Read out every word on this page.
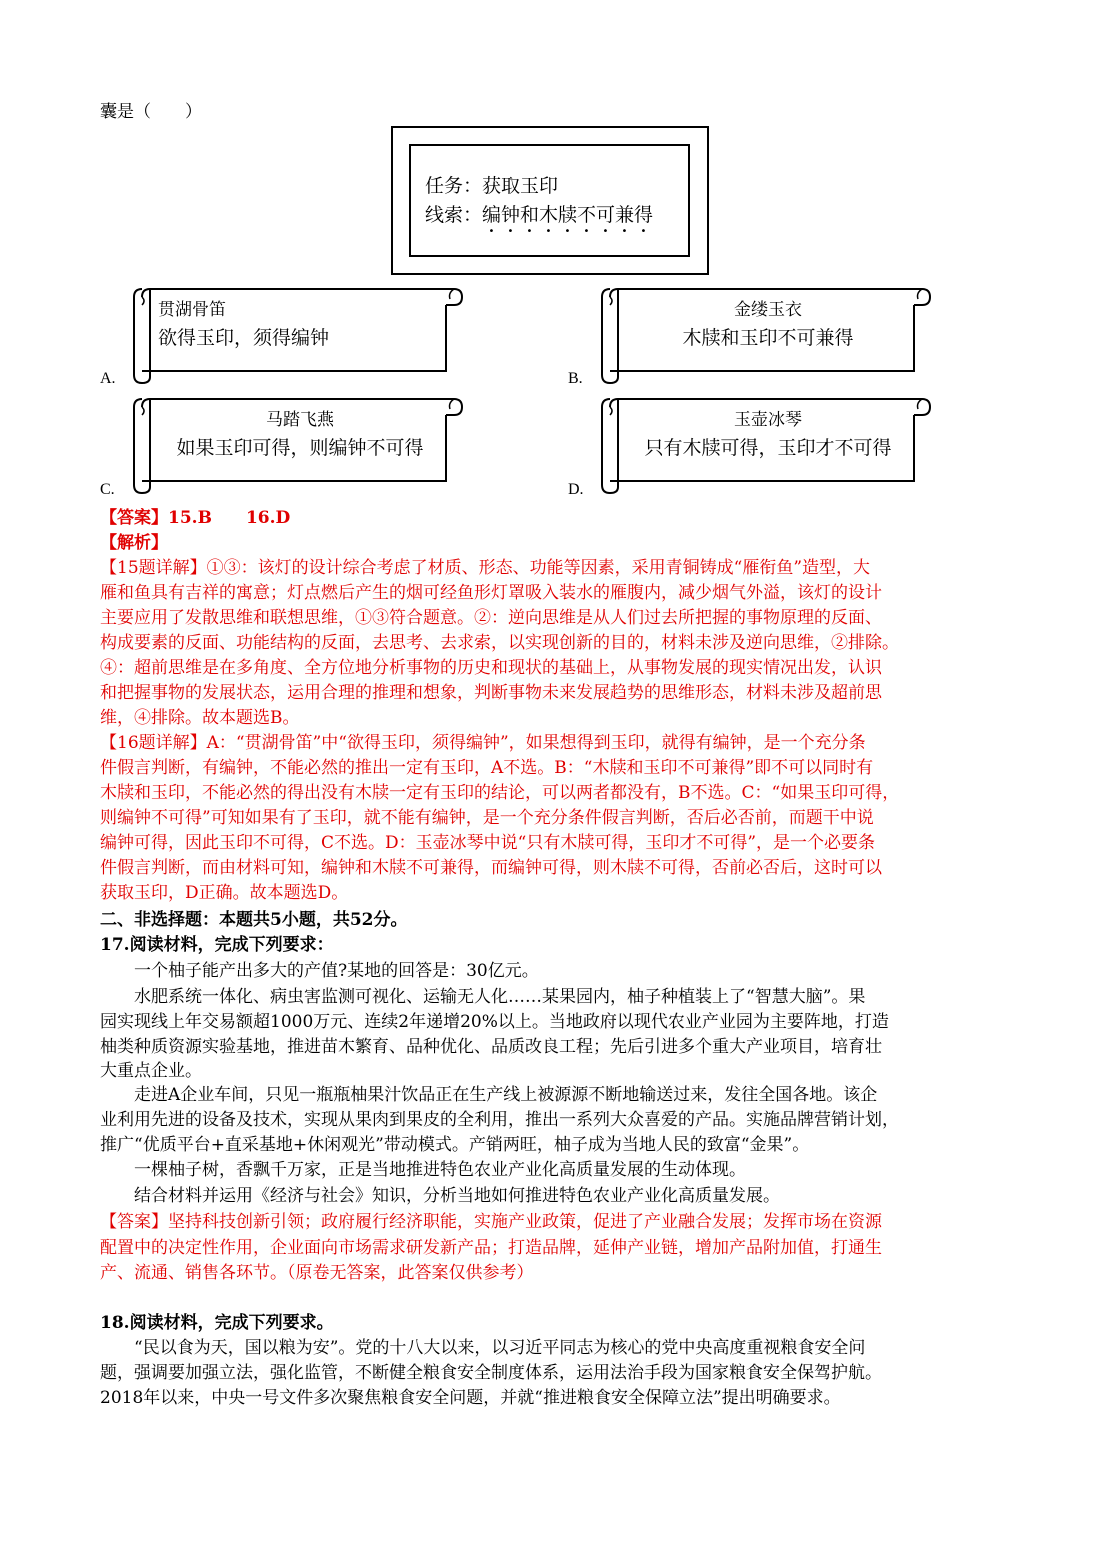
囊是（　　）
任务：获取玉印
线索：编钟和木牍不可兼得
贯湖骨笛
欲得玉印，须得编钟
A.
金缕玉衣
木牍和玉印不可兼得
B.
马踏飞燕
如果玉印可得，则编钟不可得
C.
玉壶冰琴
只有木牍可得，玉印才不可得
D.
【答案】15.B　　16.D
【解析】
【15题详解】①③：该灯的设计综合考虑了材质、形态、功能等因素，采用青铜铸成“雁衔鱼”造型，大
雁和鱼具有吉祥的寓意；灯点燃后产生的烟可经鱼形灯罩吸入装水的雁腹内，减少烟气外溢，该灯的设计
主要应用了发散思维和联想思维，①③符合题意。②：逆向思维是从人们过去所把握的事物原理的反面、
构成要素的反面、功能结构的反面，去思考、去求索，以实现创新的目的，材料未涉及逆向思维，②排除。
④：超前思维是在多角度、全方位地分析事物的历史和现状的基础上，从事物发展的现实情况出发，认识
和把握事物的发展状态，运用合理的推理和想象，判断事物未来发展趋势的思维形态，材料未涉及超前思
维，④排除。故本题选B。
【16题详解】A：“贯湖骨笛”中“欲得玉印，须得编钟”，如果想得到玉印，就得有编钟，是一个充分条
件假言判断，有编钟，不能必然的推出一定有玉印，A不选。B：“木牍和玉印不可兼得”即不可以同时有
木牍和玉印，不能必然的得出没有木牍一定有玉印的结论，可以两者都没有，B不选。C：“如果玉印可得，
则编钟不可得”可知如果有了玉印，就不能有编钟，是一个充分条件假言判断，否后必否前，而题干中说
编钟可得，因此玉印不可得，C不选。D：玉壶冰琴中说“只有木牍可得，玉印才不可得”，是一个必要条
件假言判断，而由材料可知，编钟和木牍不可兼得，而编钟可得，则木牍不可得，否前必否后，这时可以
获取玉印，D正确。故本题选D。
二、非选择题：本题共5小题，共52分。
17.阅读材料，完成下列要求：
一个柚子能产出多大的产值?某地的回答是：30亿元。
水肥系统一体化、病虫害监测可视化、运输无人化……某果园内，柚子种植装上了“智慧大脑”。果
园实现线上年交易额超1000万元、连续2年递增20%以上。当地政府以现代农业产业园为主要阵地，打造
柚类种质资源实验基地，推进苗木繁育、品种优化、品质改良工程；先后引进多个重大产业项目，培育壮
大重点企业。
走进A企业车间，只见一瓶瓶柚果汁饮品正在生产线上被源源不断地输送过来，发往全国各地。该企
业利用先进的设备及技术，实现从果肉到果皮的全利用，推出一系列大众喜爱的产品。实施品牌营销计划，
推广“优质平台+直采基地+休闲观光”带动模式。产销两旺，柚子成为当地人民的致富“金果”。
一棵柚子树，香飘千万家，正是当地推进特色农业产业化高质量发展的生动体现。
结合材料并运用《经济与社会》知识，分析当地如何推进特色农业产业化高质量发展。
【答案】坚持科技创新引领；政府履行经济职能，实施产业政策，促进了产业融合发展；发挥市场在资源
配置中的决定性作用，企业面向市场需求研发新产品；打造品牌，延伸产业链，增加产品附加值，打通生
产、流通、销售各环节。（原卷无答案，此答案仅供参考）
18.阅读材料，完成下列要求。
“民以食为天，国以粮为安”。党的十八大以来，以习近平同志为核心的党中央高度重视粮食安全问
题，强调要加强立法，强化监管，不断健全粮食安全制度体系，运用法治手段为国家粮食安全保驾护航。
2018年以来，中央一号文件多次聚焦粮食安全问题，并就“推进粮食安全保障立法”提出明确要求。
